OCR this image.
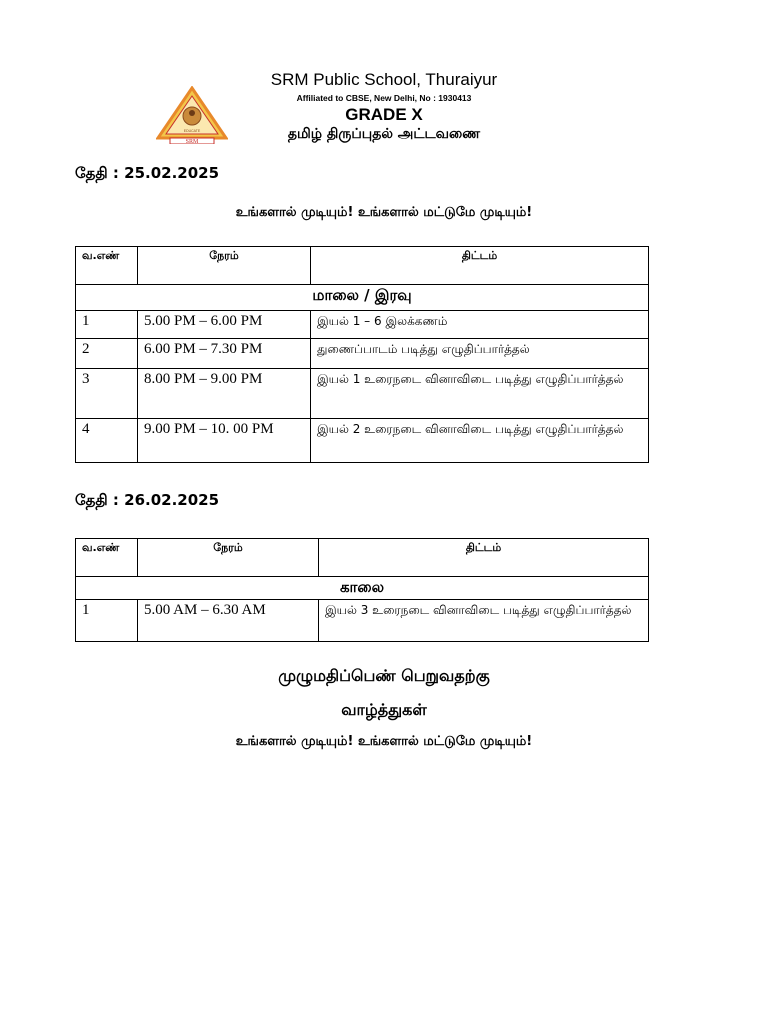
SRM
EDUCATE
SRM Public School, Thuraiyur
Affiliated to CBSE, New Delhi, No : 1930413
GRADE X
தமிழ் திருப்புதல் அட்டவணை
தேதி : 25.02.2025
உங்களால் முடியும்! உங்களால் மட்டுமே முடியும்!
வ.எண்	நேரம்	திட்டம்
மாலை / இரவு		
1	5.00 PM – 6.00 PM	இயல் 1 – 6 இலக்கணம்
2	6.00 PM – 7.30 PM	துணைப்பாடம் படித்து எழுதிப்பார்த்தல்
3	8.00 PM – 9.00 PM	இயல் 1 உரைநடை வினாவிடை படித்து எழுதிப்பார்த்தல்
4	9.00 PM – 10. 00 PM	இயல் 2 உரைநடை வினாவிடை படித்து எழுதிப்பார்த்தல்
தேதி : 26.02.2025
வ.எண்	நேரம்	திட்டம்
காலை		
1	5.00 AM – 6.30 AM	இயல் 3 உரைநடை வினாவிடை படித்து எழுதிப்பார்த்தல்
முழுமதிப்பெண் பெறுவதற்கு
வாழ்த்துகள்
உங்களால் முடியும்! உங்களால் மட்டுமே முடியும்!
